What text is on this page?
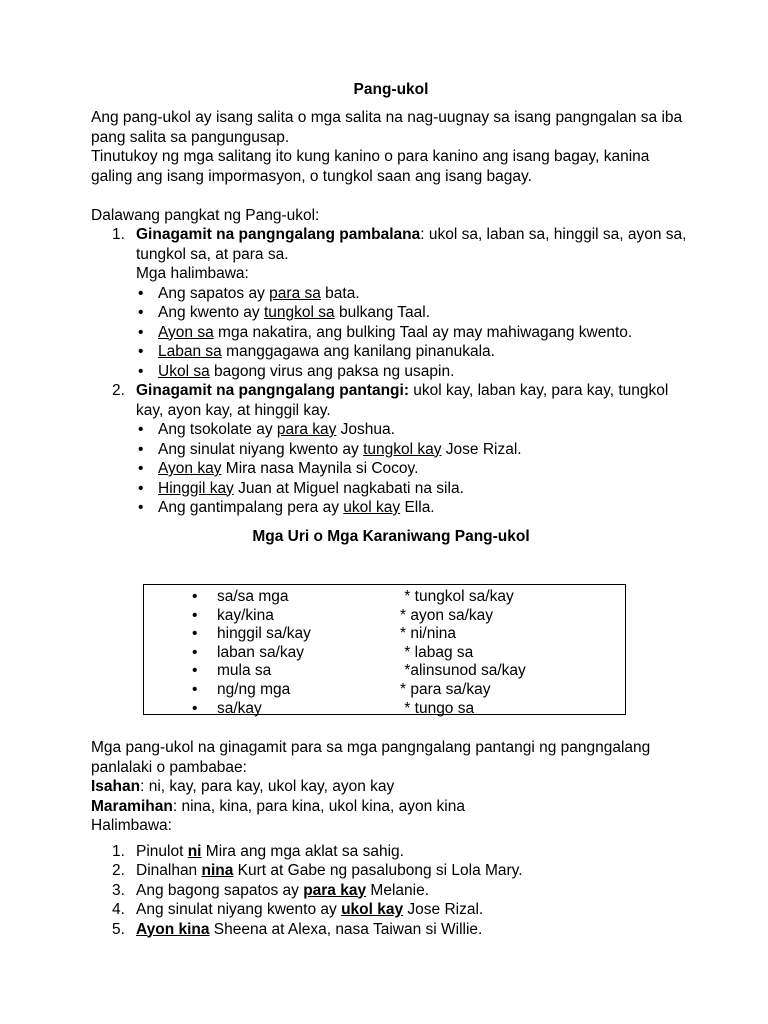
Pang-ukol

Ang pang-ukol ay isang salita o mga salita na nag-uugnay sa isang pangngalan sa iba pang salita sa pangungusap.

Tinutukoy ng mga salitang ito kung kanino o para kanino ang isang bagay, kanina galing ang isang impormasyon, o tungkol saan ang isang bagay.

Dalawang pangkat ng Pang-ukol:

1. Ginagamit na pangngalang pambalana: ukol sa, laban sa, hinggil sa, ayon sa, tungkol sa, at para sa.
Mga halimbawa:
• Ang sapatos ay para sa bata.
• Ang kwento ay tungkol sa bulkang Taal.
• Ayon sa mga nakatira, ang bulking Taal ay may mahiwagang kwento.
• Laban sa manggagawa ang kanilang pinanukala.
• Ukol sa bagong virus ang paksa ng usapin.
2. Ginagamit na pangngalang pantangi: ukol kay, laban kay, para kay, tungkol kay, ayon kay, at hinggil kay.
• Ang tsokolate ay para kay Joshua.
• Ang sinulat niyang kwento ay tungkol kay Jose Rizal.
• Ayon kay Mira nasa Maynila si Cocoy.
• Hinggil kay Juan at Miguel nagkabati na sila.
• Ang gantimpalang pera ay ukol kay Ella.
Mga Uri o Mga Karaniwang Pang-ukol
• sa/sa mga	* tungkol sa/kay
• kay/kina	* ayon sa/kay
• hinggil sa/kay	* ni/nina
• laban sa/kay	* labag sa
• mula sa	*alinsunod sa/kay
• ng/ng mga	* para sa/kay
• sa/kay	* tungo sa

Mga pang-ukol na ginagamit para sa mga pangngalang pantangi ng pangngalang panlalaki o pambabae:

Isahan: ni, kay, para kay, ukol kay, ayon kay

Maramihan: nina, kina, para kina, ukol kina, ayon kina

Halimbawa:

1. Pinulot ni Mira ang mga aklat sa sahig.
2. Dinalhan nina Kurt at Gabe ng pasalubong si Lola Mary.
3. Ang bagong sapatos ay para kay Melanie.
4. Ang sinulat niyang kwento ay ukol kay Jose Rizal.
5. Ayon kina Sheena at Alexa, nasa Taiwan si Willie.
